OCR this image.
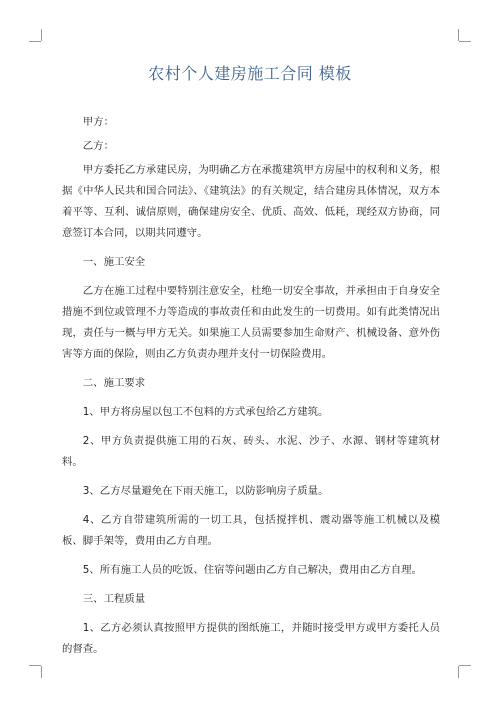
农村个人建房施工合同 模板

甲方：

乙方：

甲方委托乙方承建民房，为明确乙方在承揽建筑甲方房屋中的权利和义务，根据《中华人民共和国合同法》、《建筑法》的有关规定，结合建房具体情况，双方本着平等、互利、诚信原则，确保建房安全、优质、高效、低耗，现经双方协商，同意签订本合同，以期共同遵守。

一、施工安全

乙方在施工过程中要特别注意安全，杜绝一切安全事故，并承担由于自身安全措施不到位或管理不力等造成的事故责任和由此发生的一切费用。如有此类情况出现，责任与一概与甲方无关。如果施工人员需要参加生命财产、机械设备、意外伤害等方面的保险，则由乙方负责办理并支付一切保险费用。

二、施工要求

1、甲方将房屋以包工不包料的方式承包给乙方建筑。

2、甲方负责提供施工用的石灰、砖头、水泥、沙子、水源、钢材等建筑材料。

3、乙方尽量避免在下雨天施工，以防影响房子质量。

4、乙方自带建筑所需的一切工具，包括搅拌机、震动器等施工机械以及模板、脚手架等，费用由乙方自理。

5、所有施工人员的吃饭、住宿等问题由乙方自己解决，费用由乙方自理。

三、工程质量

1、乙方必须认真按照甲方提供的图纸施工，并随时接受甲方或甲方委托人员的督查。
